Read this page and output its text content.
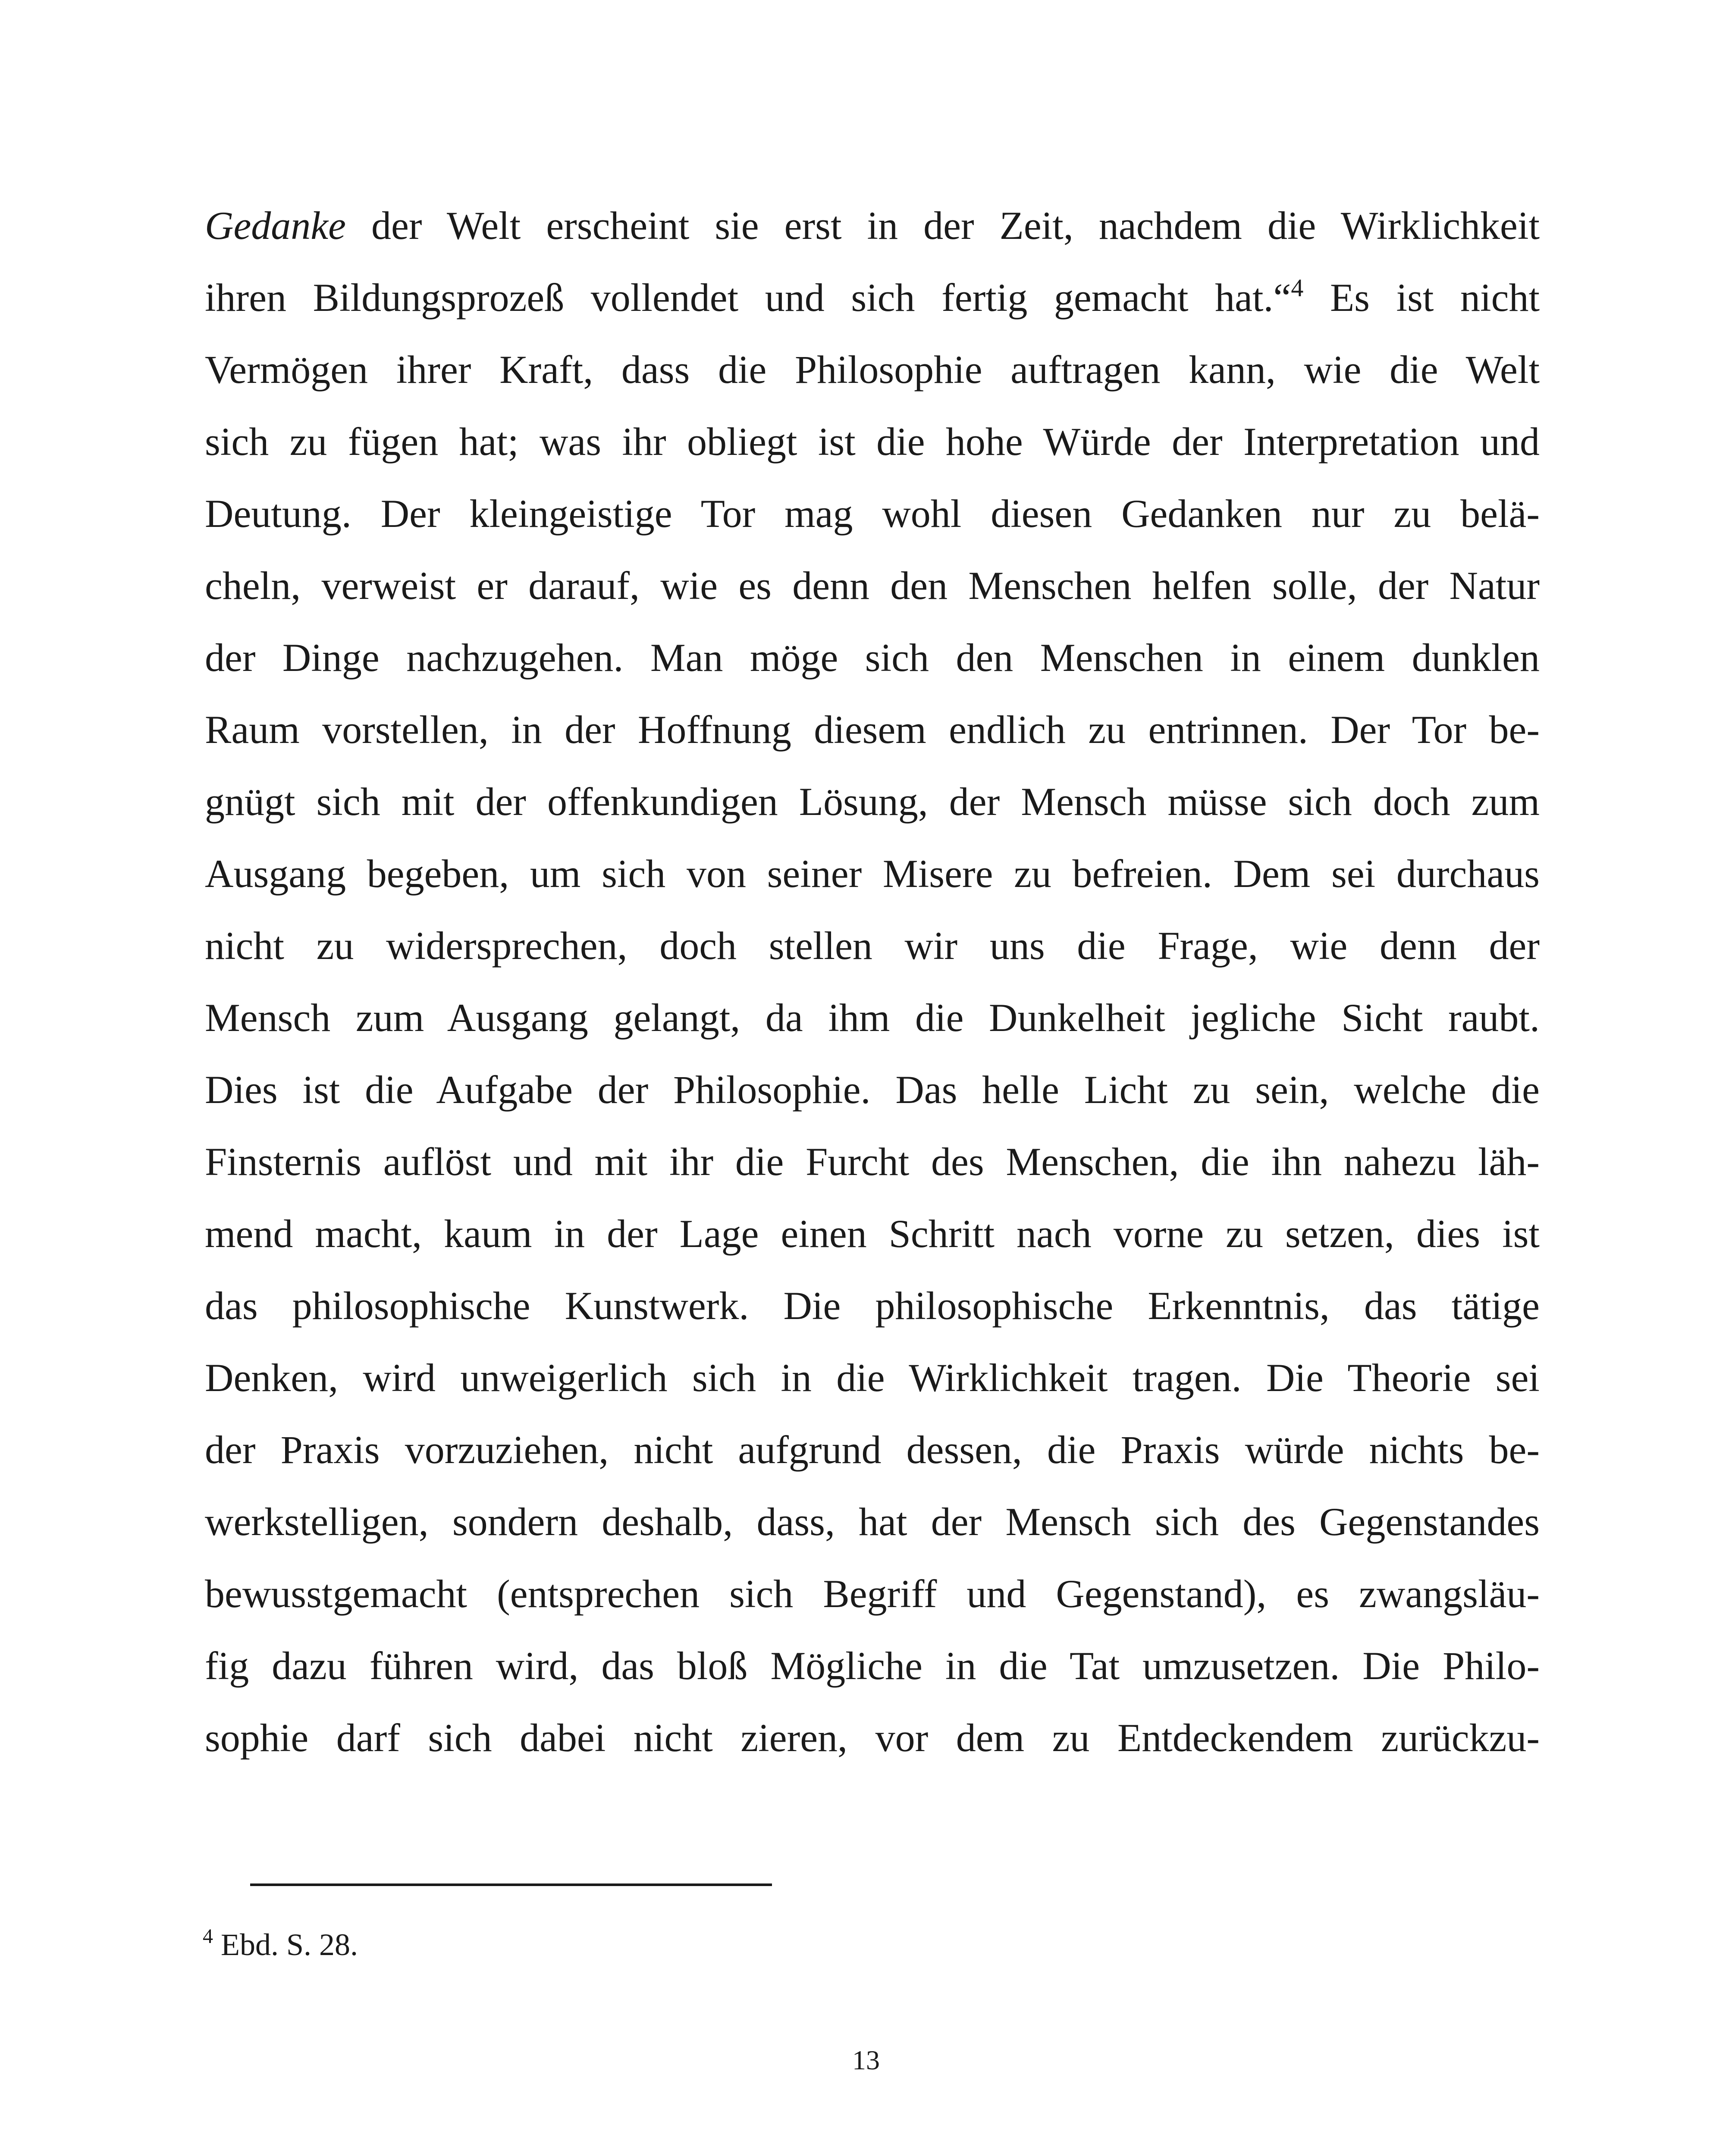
Gedanke der Welt erscheint sie erst in der Zeit, nachdem die Wirklichkeit
ihren Bildungsprozeß vollendet und sich fertig gemacht hat.“$^4$ Es ist nicht
Vermögen ihrer Kraft, dass die Philosophie auftragen kann, wie die Welt
sich zu fügen hat; was ihr obliegt ist die hohe Würde der Interpretation und
Deutung. Der kleingeistige Tor mag wohl diesen Gedanken nur zu belä-
cheln, verweist er darauf, wie es denn den Menschen helfen solle, der Natur
der Dinge nachzugehen. Man möge sich den Menschen in einem dunklen
Raum vorstellen, in der Hoffnung diesem endlich zu entrinnen. Der Tor be-
gnügt sich mit der offenkundigen Lösung, der Mensch müsse sich doch zum
Ausgang begeben, um sich von seiner Misere zu befreien. Dem sei durchaus
nicht zu widersprechen, doch stellen wir uns die Frage, wie denn der
Mensch zum Ausgang gelangt, da ihm die Dunkelheit jegliche Sicht raubt.
Dies ist die Aufgabe der Philosophie. Das helle Licht zu sein, welche die
Finsternis auflöst und mit ihr die Furcht des Menschen, die ihn nahezu läh-
mend macht, kaum in der Lage einen Schritt nach vorne zu setzen, dies ist
das philosophische Kunstwerk. Die philosophische Erkenntnis, das tätige
Denken, wird unweigerlich sich in die Wirklichkeit tragen. Die Theorie sei
der Praxis vorzuziehen, nicht aufgrund dessen, die Praxis würde nichts be-
werkstelligen, sondern deshalb, dass, hat der Mensch sich des Gegenstandes
bewusstgemacht (entsprechen sich Begriff und Gegenstand), es zwangsläu-
fig dazu führen wird, das bloß Mögliche in die Tat umzusetzen. Die Philo-
sophie darf sich dabei nicht zieren, vor dem zu Entdeckendem zurückzu-
$^4$ Ebd. S. 28.
13
